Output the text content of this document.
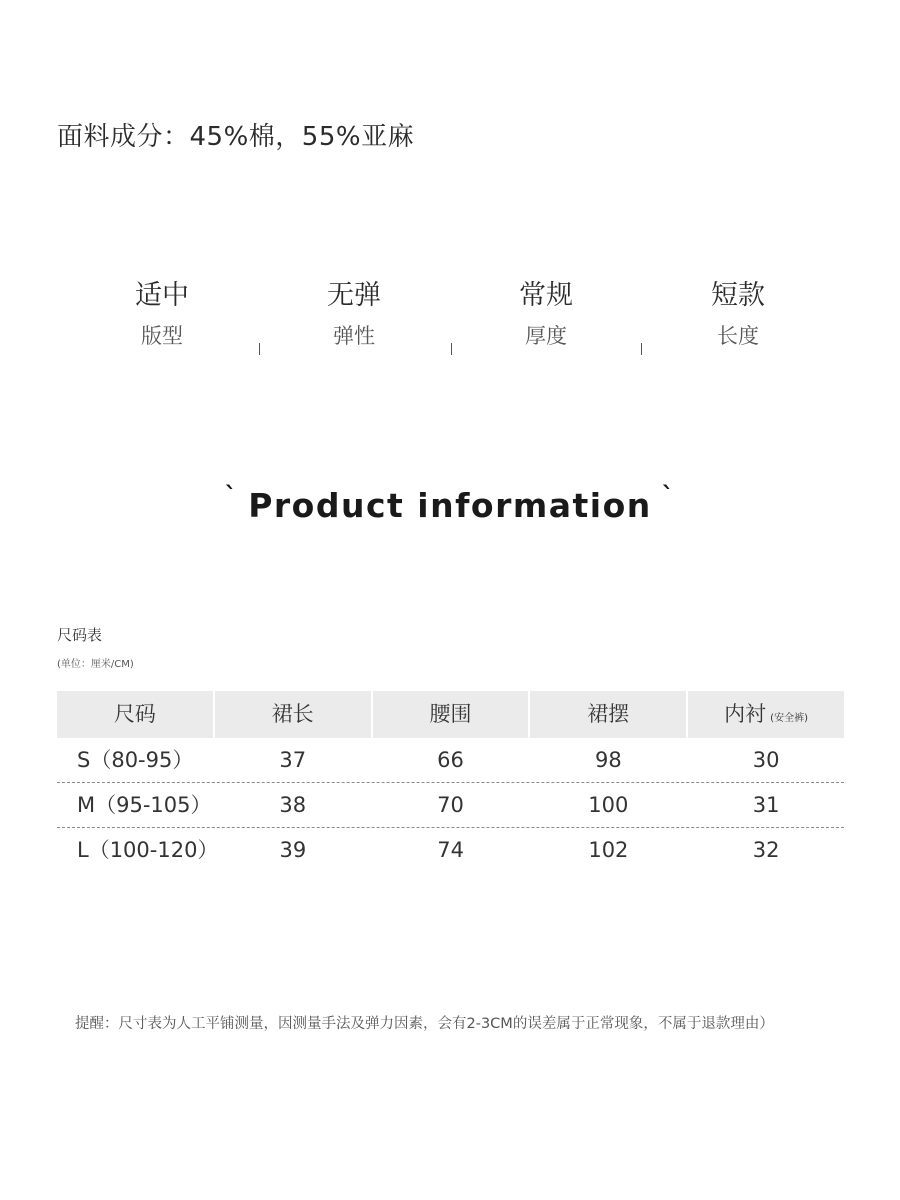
面料成分：45%棉，55%亚麻
适中
版型
无弹
弹性
常规
厚度
短款
长度
` Product information `
尺码表
(单位：厘米/CM)
尺码	裙长	腰围	裙摆	内衬 (安全裤)
S（80-95）	37	66	98	30
M（95-105）	38	70	100	31
L（100-120）	39	74	102	32
提醒：尺寸表为人工平铺测量，因测量手法及弹力因素，会有2-3CM的误差属于正常现象，不属于退款理由）
